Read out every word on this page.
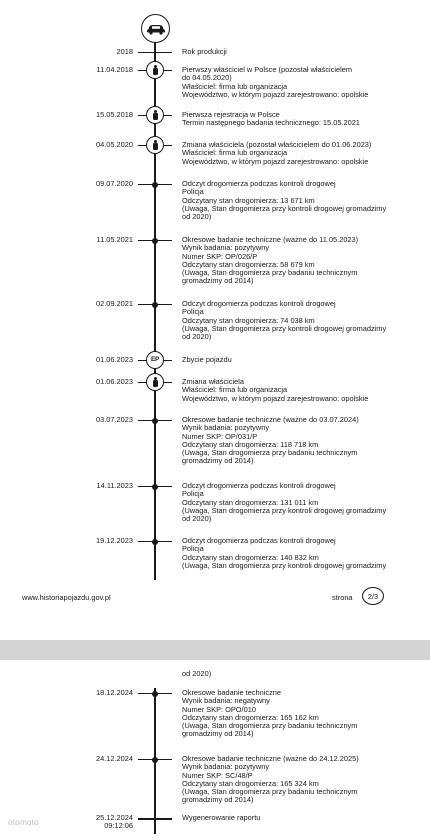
2018	Rok produkcji
11.04.2018	Pierwszy właściciel w Polsce (pozostał właścicielem
do 04.05.2020)
Właściciel: firma lub organizacja
Województwo, w którym pojazd zarejestrowano: opolskie
15.05.2018	Pierwsza rejestracja w Polsce
Termin następnego badania technicznego: 15.05.2021
04.05.2020	Zmiana właściciela (pozostał właścicielem do 01.06.2023)
Właściciel: firma lub organizacja
Województwo, w którym pojazd zarejestrowano: opolskie
09.07.2020	Odczyt drogomierza podczas kontroli drogowej
Policja
Odczytany stan drogomierza: 13 671 km
(Uwaga, Stan drogomierza przy kontroli drogowej gromadzimy
od 2020)
11.05.2021	Okresowe badanie techniczne (ważne do 11.05.2023)
Wynik badania: pozytywny
Numer SKP: OP/026/P
Odczytany stan drogomierza: 58 679 km
(Uwaga, Stan drogomierza przy badaniu technicznym
gromadzimy od 2014)
02.09.2021	Odczyt drogomierza podczas kontroli drogowej
Policja
Odczytany stan drogomierza: 74 038 km
(Uwaga, Stan drogomierza przy kontroli drogowej gromadzimy
od 2020)
01.06.2023	EP	Zbycie pojazdu
01.06.2023	Zmiana właściciela
Właściciel: firma lub organizacja
Województwo, w którym pojazd zarejestrowano: opolskie
03.07.2023	Okresowe badanie techniczne (ważne do 03.07.2024)
Wynik badania: pozytywny
Numer SKP: OP/031/P
Odczytany stan drogomierza: 118 718 km
(Uwaga, Stan drogomierza przy badaniu technicznym
gromadzimy od 2014)
14.11.2023	Odczyt drogomierza podczas kontroli drogowej
Policja
Odczytany stan drogomierza: 131 011 km
(Uwaga, Stan drogomierza przy kontroli drogowej gromadzimy
od 2020)
19.12.2023	Odczyt drogomierza podczas kontroli drogowej
Policja
Odczytany stan drogomierza: 140 832 km
(Uwaga, Stan drogomierza przy kontroli drogowej gromadzimy
www.historiapojazdu.gov.pl	strona	2/3
od 2020)
18.12.2024	Okresowe badanie techniczne
Wynik badania: negatywny
Numer SKP: OPO/010
Odczytany stan drogomierza: 165 162 km
(Uwaga, Stan drogomierza przy badaniu technicznym
gromadzimy od 2014)
24.12.2024	Okresowe badanie techniczne (ważne do 24.12.2025)
Wynik badania: pozytywny
Numer SKP: SC/48/P
Odczytany stan drogomierza: 165 324 km
(Uwaga, Stan drogomierza przy badaniu technicznym
gromadzimy od 2014)
25.12.2024
09:12:06
Wygenerowanie raportu
otomoto
